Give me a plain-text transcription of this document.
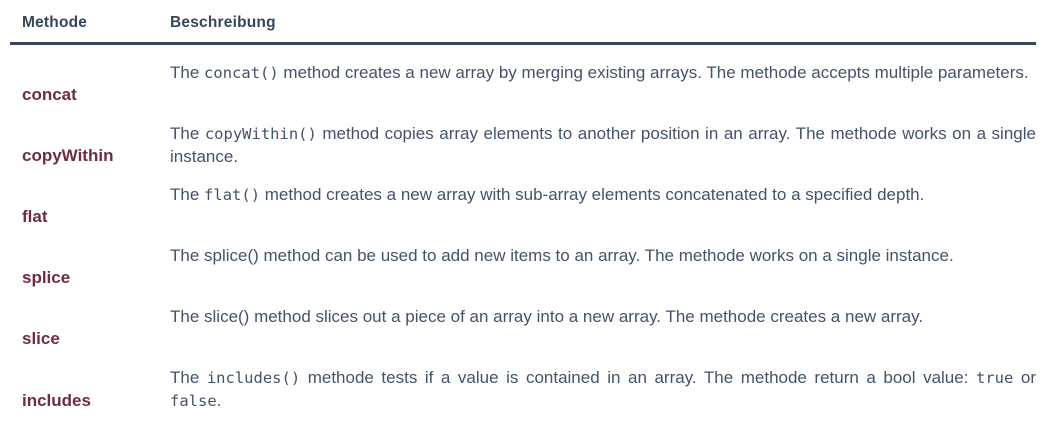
Methode	Beschreibung
concat
The concat() method creates a new array by merging existing arrays. The methode accepts multiple parameters.
copyWithin
The copyWithin() method copies array elements to another position in an array. The methode works on a single instance.
flat
The flat() method creates a new array with sub-array elements concatenated to a specified depth.
splice
The splice() method can be used to add new items to an array. The methode works on a single instance.
slice
The slice() method slices out a piece of an array into a new array. The methode creates a new array.
includes
The includes() methode tests if a value is contained in an array. The methode return a bool value: true or false.
